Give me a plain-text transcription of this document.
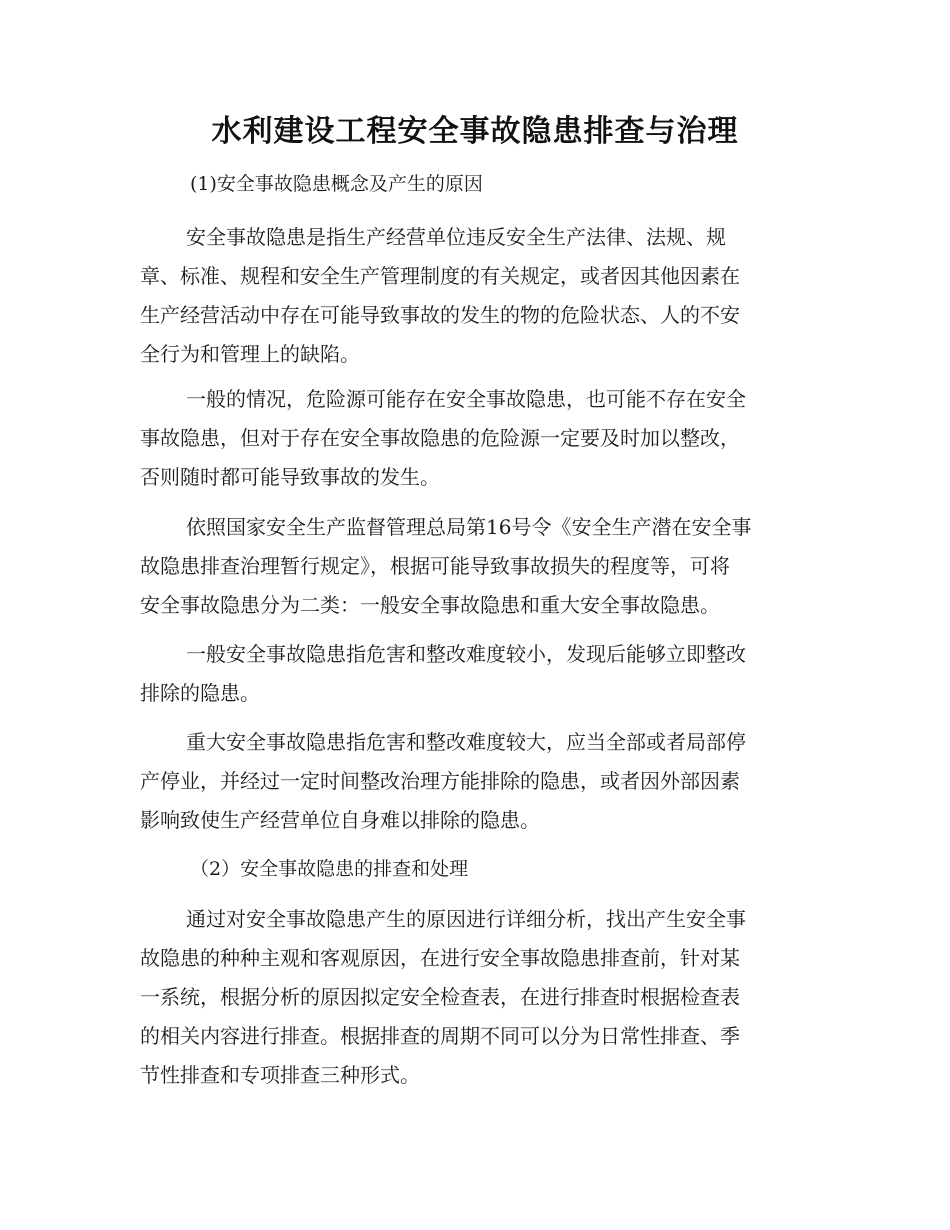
水利建设工程安全事故隐患排查与治理
(1)安全事故隐患概念及产生的原因
安全事故隐患是指生产经营单位违反安全生产法律、法规、规
章、标准、规程和安全生产管理制度的有关规定，或者因其他因素在
生产经营活动中存在可能导致事故的发生的物的危险状态、人的不安
全行为和管理上的缺陷。
一般的情况，危险源可能存在安全事故隐患，也可能不存在安全
事故隐患，但对于存在安全事故隐患的危险源一定要及时加以整改，
否则随时都可能导致事故的发生。
依照国家安全生产监督管理总局第16号令《安全生产潜在安全事
故隐患排查治理暂行规定》，根据可能导致事故损失的程度等，可将
安全事故隐患分为二类：一般安全事故隐患和重大安全事故隐患。
一般安全事故隐患指危害和整改难度较小，发现后能够立即整改
排除的隐患。
重大安全事故隐患指危害和整改难度较大，应当全部或者局部停
产停业，并经过一定时间整改治理方能排除的隐患，或者因外部因素
影响致使生产经营单位自身难以排除的隐患。
（2）安全事故隐患的排查和处理
通过对安全事故隐患产生的原因进行详细分析，找出产生安全事
故隐患的种种主观和客观原因，在进行安全事故隐患排查前，针对某
一系统，根据分析的原因拟定安全检查表，在进行排查时根据检查表
的相关内容进行排查。根据排查的周期不同可以分为日常性排查、季
节性排查和专项排查三种形式。
